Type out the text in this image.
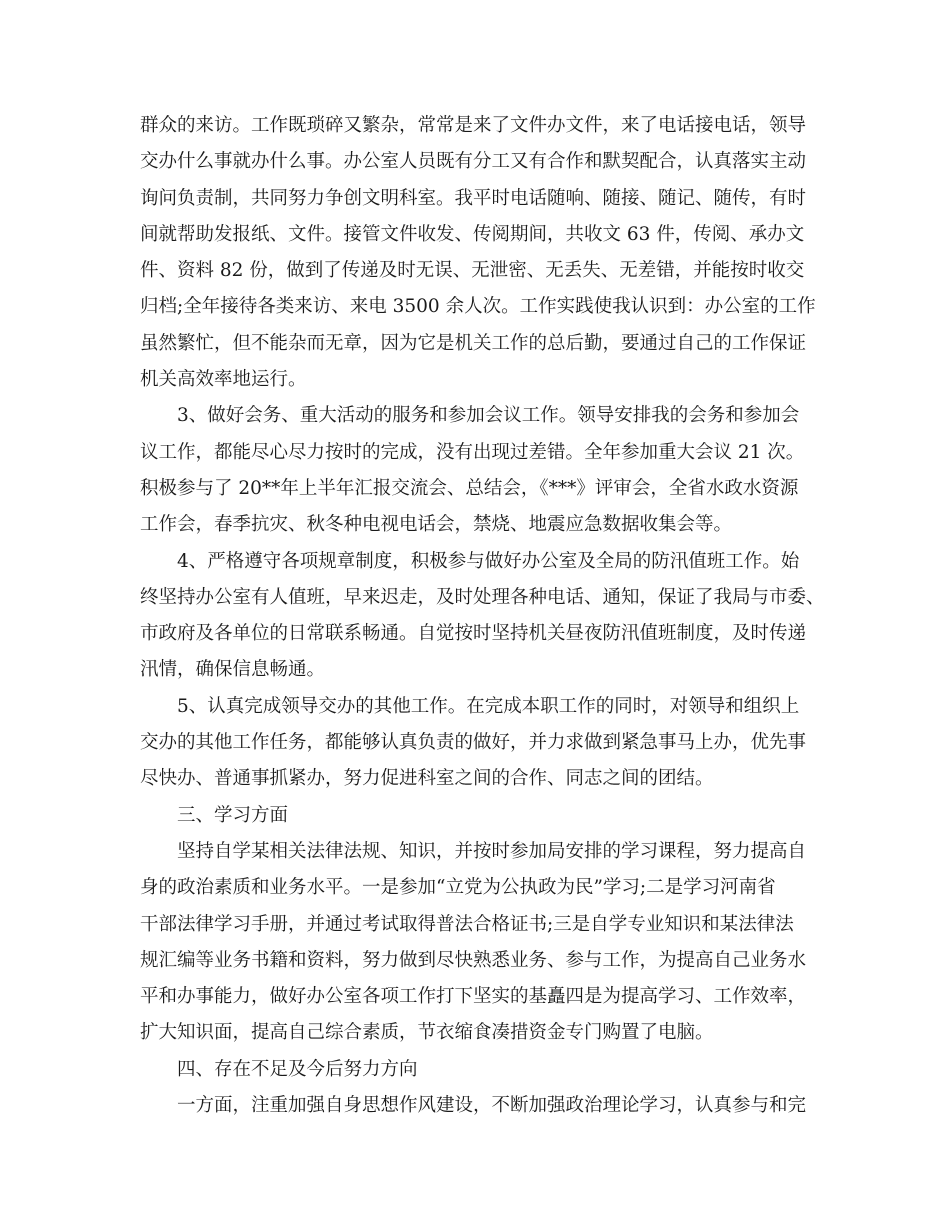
群众的来访。工作既琐碎又繁杂，常常是来了文件办文件，来了电话接电话，领导
交办什么事就办什么事。办公室人员既有分工又有合作和默契配合，认真落实主动
询问负责制，共同努力争创文明科室。我平时电话随响、随接、随记、随传，有时
间就帮助发报纸、文件。接管文件收发、传阅期间，共收文 63 件，传阅、承办文
件、资料 82 份，做到了传递及时无误、无泄密、无丢失、无差错，并能按时收交
归档;全年接待各类来访、来电 3500 余人次。工作实践使我认识到：办公室的工作
虽然繁忙，但不能杂而无章，因为它是机关工作的总后勤，要通过自己的工作保证
机关高效率地运行。
3、做好会务、重大活动的服务和参加会议工作。领导安排我的会务和参加会
议工作，都能尽心尽力按时的完成，没有出现过差错。全年参加重大会议 21 次。
积极参与了 20**年上半年汇报交流会、总结会，《***》评审会，全省水政水资源
工作会，春季抗灾、秋冬种电视电话会，禁烧、地震应急数据收集会等。
4、严格遵守各项规章制度，积极参与做好办公室及全局的防汛值班工作。始
终坚持办公室有人值班，早来迟走，及时处理各种电话、通知，保证了我局与市委、
市政府及各单位的日常联系畅通。自觉按时坚持机关昼夜防汛值班制度，及时传递
汛情，确保信息畅通。
5、认真完成领导交办的其他工作。在完成本职工作的同时，对领导和组织上
交办的其他工作任务，都能够认真负责的做好，并力求做到紧急事马上办，优先事
尽快办、普通事抓紧办，努力促进科室之间的合作、同志之间的团结。
三、学习方面
坚持自学某相关法律法规、知识，并按时参加局安排的学习课程，努力提高自
身的政治素质和业务水平。一是参加“立党为公执政为民”学习;二是学习河南省
干部法律学习手册，并通过考试取得普法合格证书;三是自学专业知识和某法律法
规汇编等业务书籍和资料，努力做到尽快熟悉业务、参与工作，为提高自己业务水
平和办事能力，做好办公室各项工作打下坚实的基矗四是为提高学习、工作效率，
扩大知识面，提高自己综合素质，节衣缩食凑措资金专门购置了电脑。
四、存在不足及今后努力方向
一方面，注重加强自身思想作风建设，不断加强政治理论学习，认真参与和完
